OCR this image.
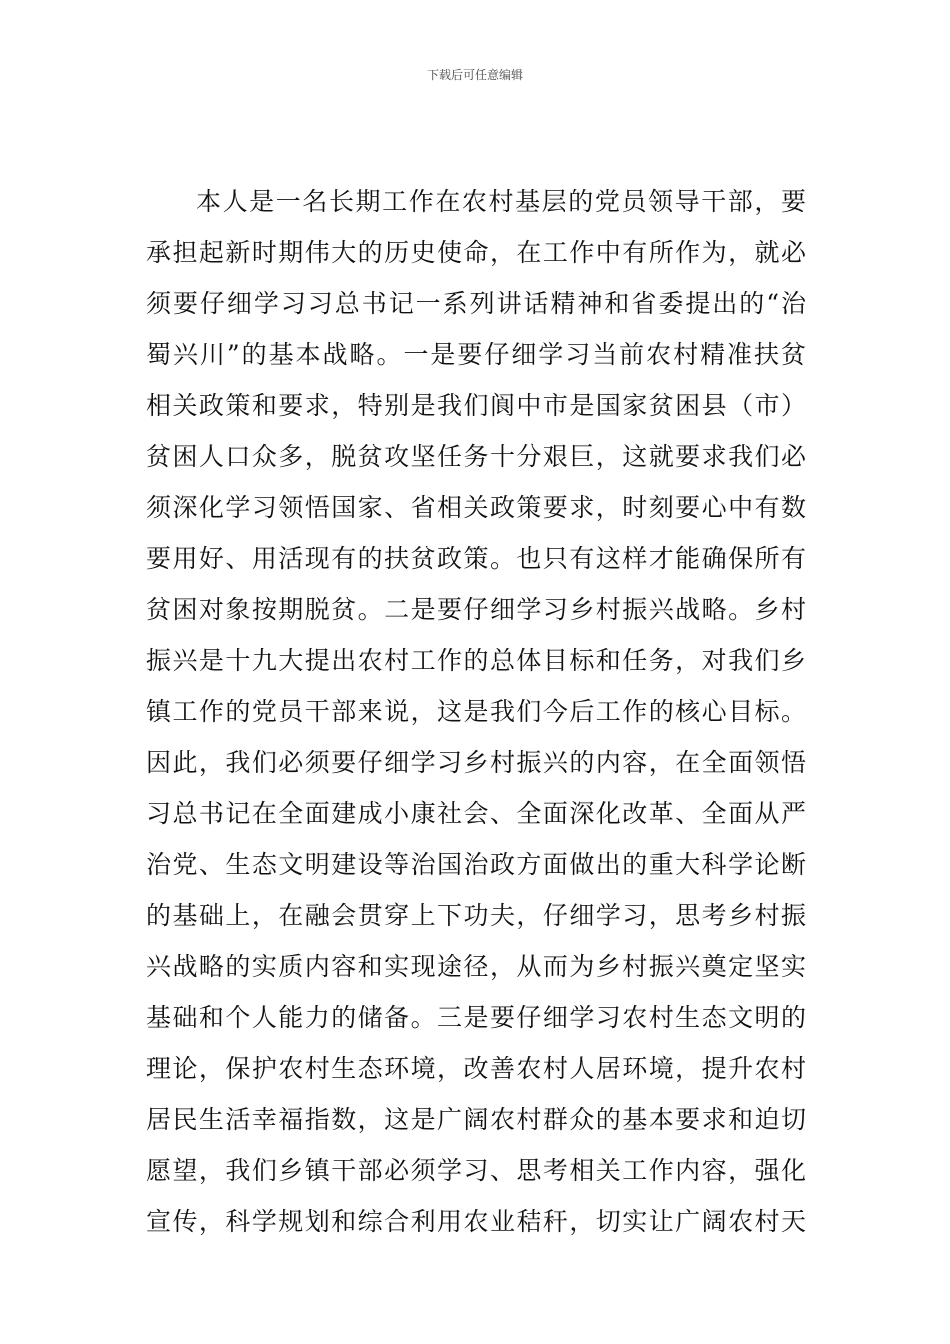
下载后可任意编辑
本人是一名长期工作在农村基层的党员领导干部，要
承担起新时期伟大的历史使命，在工作中有所作为，就必
须要仔细学习习总书记一系列讲话精神和省委提出的“治
蜀兴川”的基本战略。一是要仔细学习当前农村精准扶贫
相关政策和要求，特别是我们阆中市是国家贫困县（市）
贫困人口众多，脱贫攻坚任务十分艰巨，这就要求我们必
须深化学习领悟国家、省相关政策要求，时刻要心中有数
要用好、用活现有的扶贫政策。也只有这样才能确保所有
贫困对象按期脱贫。二是要仔细学习乡村振兴战略。乡村
振兴是十九大提出农村工作的总体目标和任务，对我们乡
镇工作的党员干部来说，这是我们今后工作的核心目标。
因此，我们必须要仔细学习乡村振兴的内容，在全面领悟
习总书记在全面建成小康社会、全面深化改革、全面从严
治党、生态文明建设等治国治政方面做出的重大科学论断
的基础上，在融会贯穿上下功夫，仔细学习，思考乡村振
兴战略的实质内容和实现途径，从而为乡村振兴奠定坚实
基础和个人能力的储备。三是要仔细学习农村生态文明的
理论，保护农村生态环境，改善农村人居环境，提升农村
居民生活幸福指数，这是广阔农村群众的基本要求和迫切
愿望，我们乡镇干部必须学习、思考相关工作内容，强化
宣传，科学规划和综合利用农业秸秆，切实让广阔农村天
